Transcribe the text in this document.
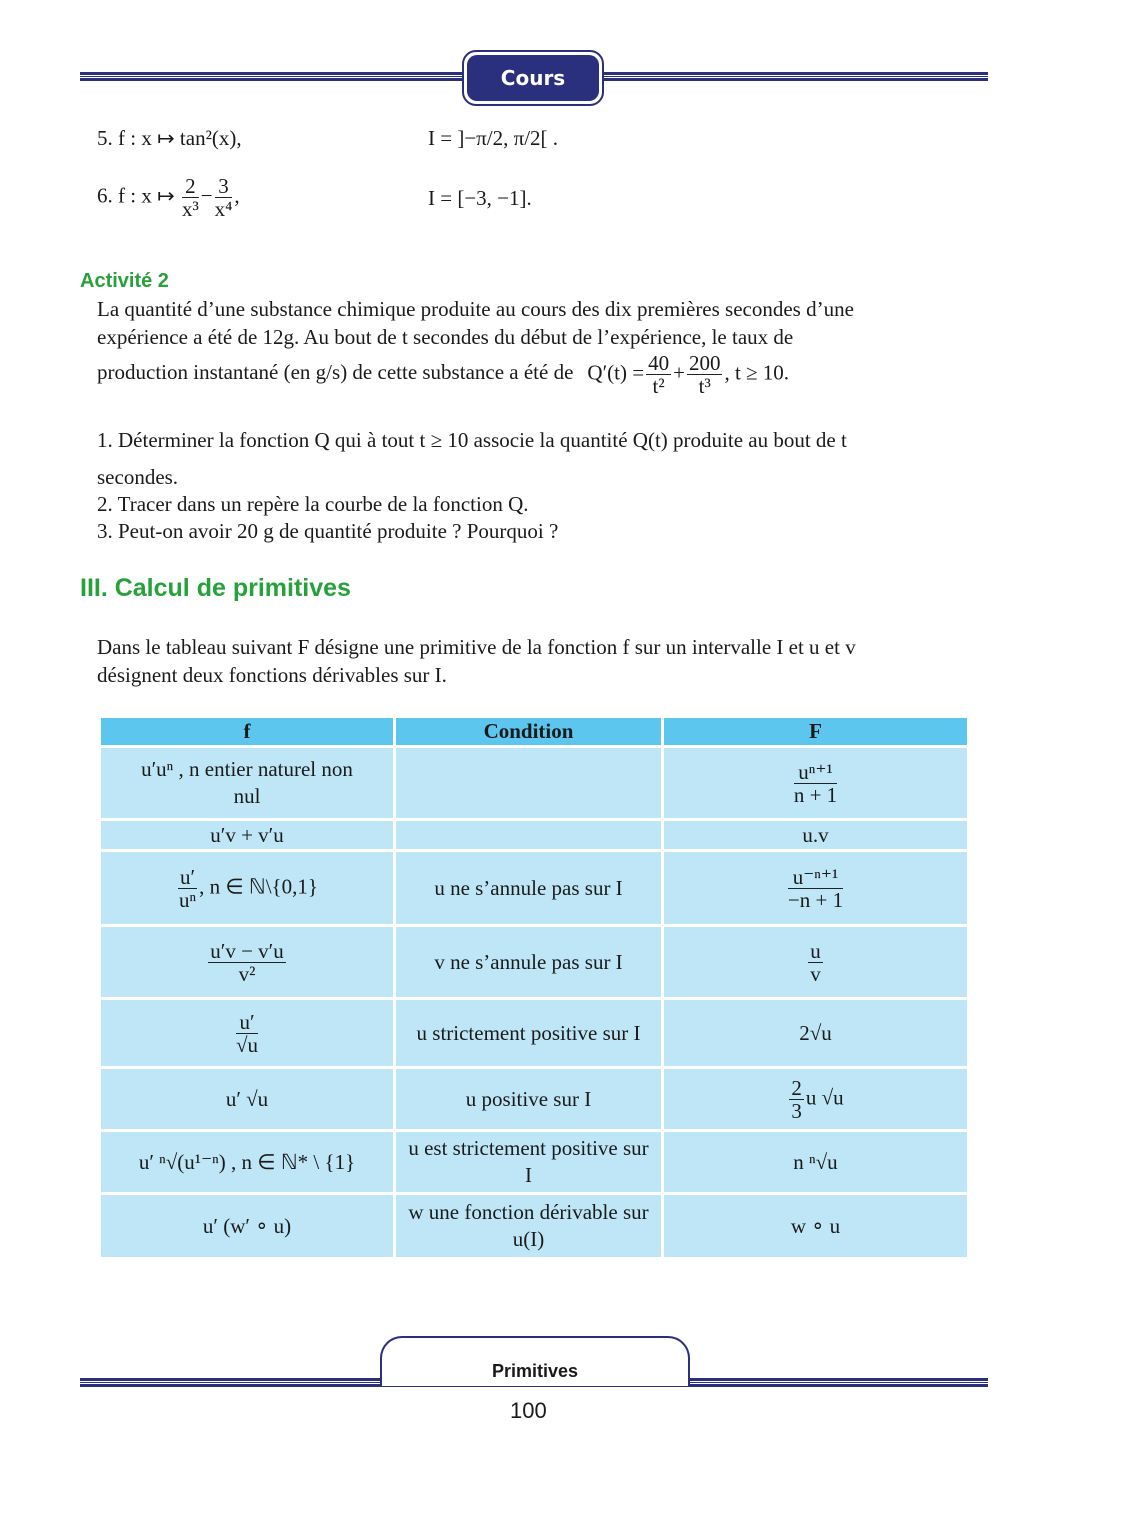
Cours
5. f : x ↦ tan²(x),	I = ]−π/2, π/2[ .
6. f : x ↦ $\frac{2}{\text{x³}} - \frac{3}{\text{x⁴}}$ ,	I = [−3, −1].
Activité 2
La quantité d’une substance chimique produite au cours des dix premières secondes d’une
expérience a été de 12g. Au bout de t secondes du début de l’expérience, le taux de
production instantané (en g/s) de cette substance a été de $Q'(t) = \frac{40}{\text{t²}} + \frac{200}{\text{t³}}$ , t ≥ 10.
1. Déterminer la fonction Q qui à tout t ≥ 10 associe la quantité Q(t) produite au bout de t
secondes.
2. Tracer dans un repère la courbe de la fonction Q.
3. Peut-on avoir 20 g de quantité produite ? Pourquoi ?
III. Calcul de primitives
Dans le tableau suivant F désigne une primitive de la fonction f sur un intervalle I et u et v
désignent deux fonctions dérivables sur I.
f	Condition	F
u′uⁿ , n entier naturel non nul		$\frac{\text{uⁿ⁺¹}}{n + 1}$

u′v + v′u		u.v

$\frac{u'}{\text{uⁿ}}$ , n ∈ ℕ\{0,1}	u ne s’annule pas sur I	$\frac{\text{u⁻ⁿ⁺¹}}{-n + 1}$

$\frac{u'v - v'u}{\text{v²}}$	v ne s’annule pas sur I	$\frac{u}{v}$

$\frac{u'}{√u}$	u strictement positive sur I	2√u
u′ √u	u positive sur I	$\frac{2}{3}$ u √u
u′ ⁿ√(u¹⁻ⁿ) , n ∈ ℕ* \ {1}	u est strictement positive sur I	n ⁿ√u
u′ (w′ ∘ u)	w une fonction dérivable sur u(I)	w ∘ u
Primitives
100
